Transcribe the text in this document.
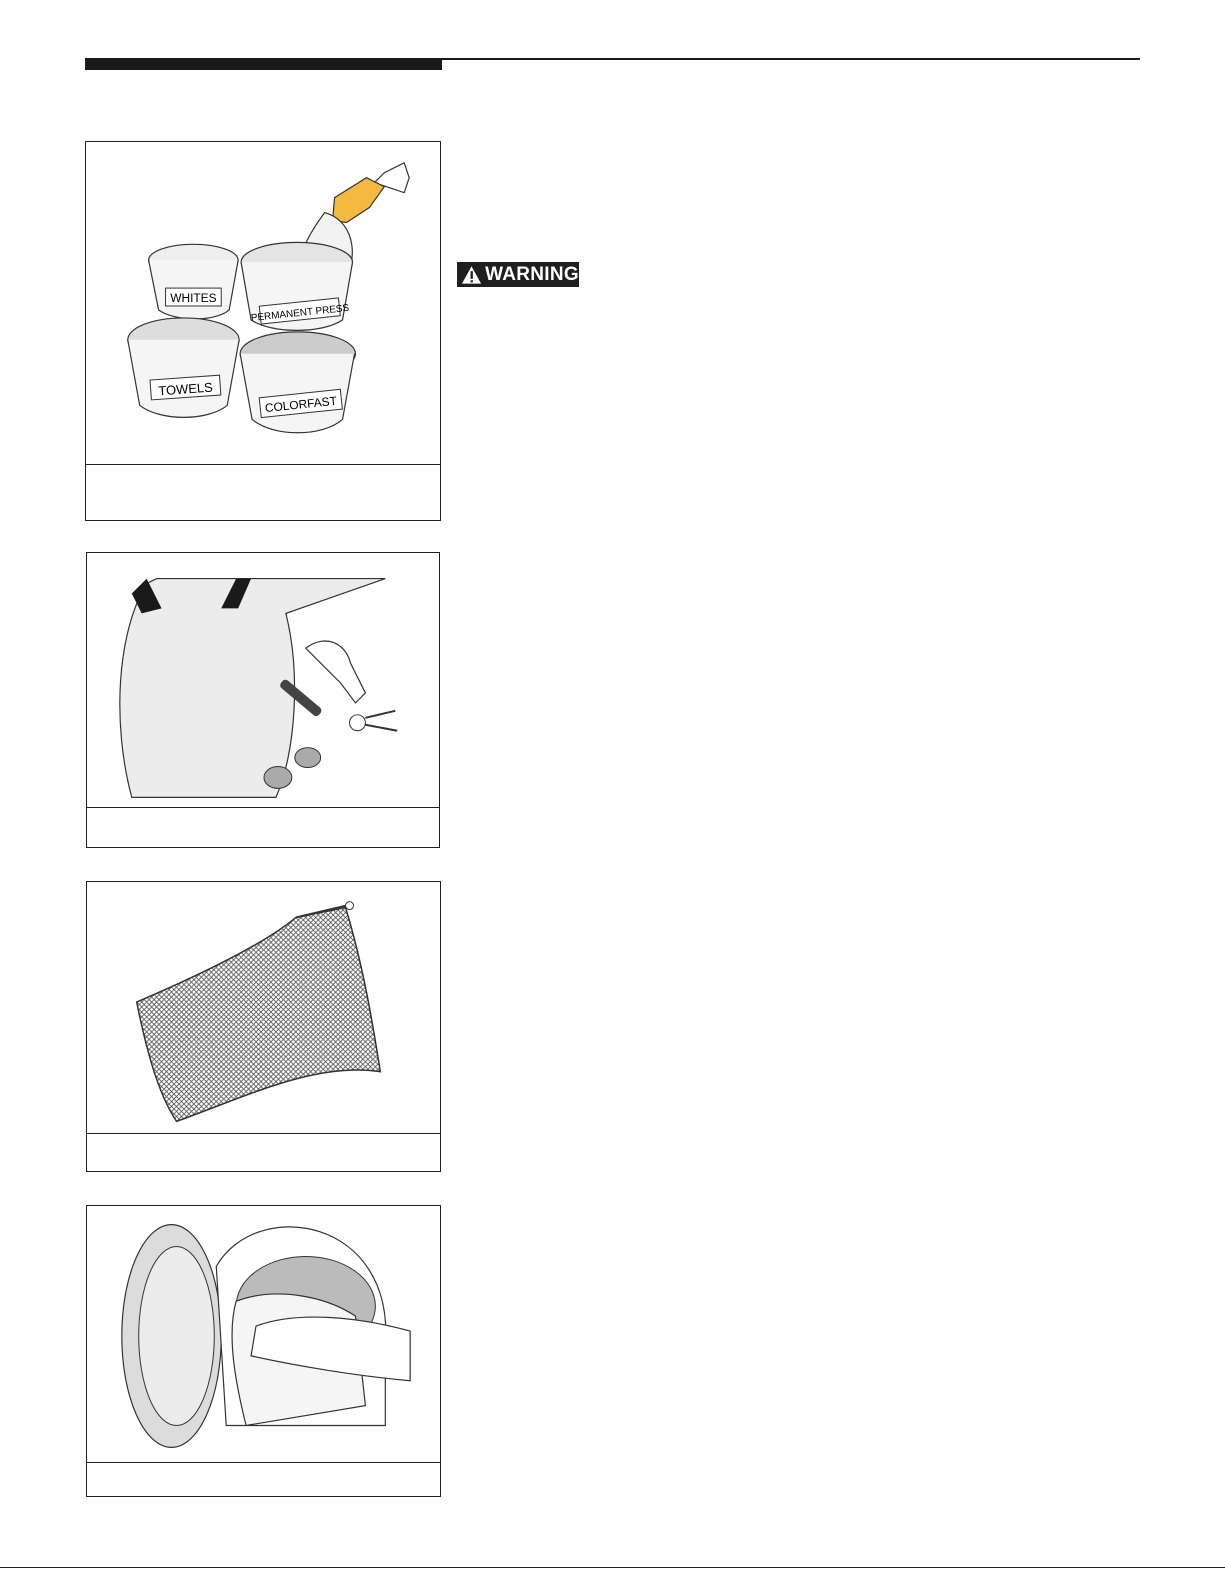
WHITES
PERMANENT PRESS
TOWELS
COLORFAST
WARNING
